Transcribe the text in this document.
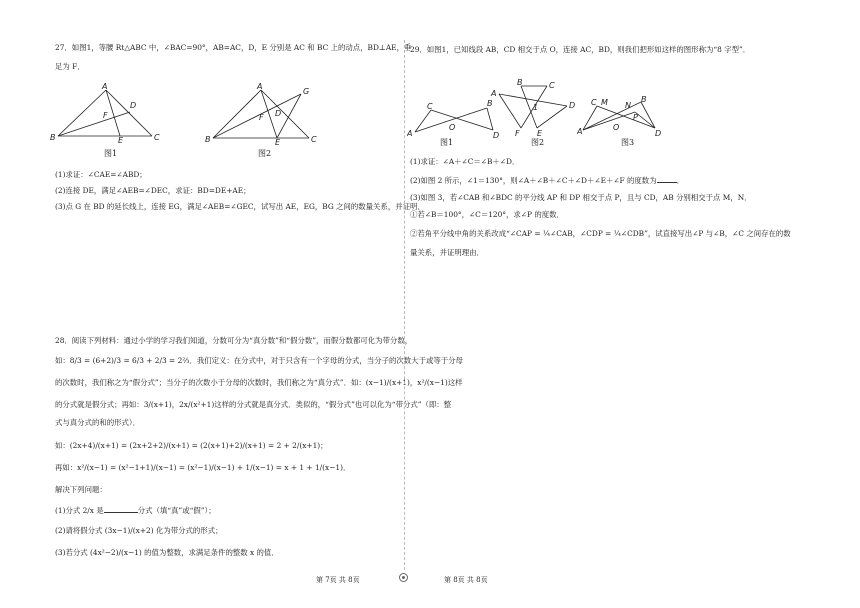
27．如图1，等腰 Rt△ABC 中，∠BAC=90°，AB=AC，D，E 分别是 AC 和 BC 上的动点，BD⊥AE，垂
足为 F．
A
B	C
D
E
F
图1
A
B	C
D
E
F
G
图2
(1)求证：∠CAE=∠ABD；
(2)连接 DE，满足∠AEB=∠DEC，求证：BD=DE+AE；
(3)点 G 在 BD 的延长线上，连接 EG，满足∠AEB=∠GEC，试写出 AE，EG，BG 之间的数量关系，并证明．
28．阅读下列材料：通过小学的学习我们知道，分数可分为“真分数”和“假分数”，而假分数都可化为带分数，
如：8/3 = (6+2)/3 = 6/3 + 2/3 = 2⅔．我们定义：在分式中，对于只含有一个字母的分式，当分子的次数大于或等于分母
的次数时，我们称之为“假分式”；当分子的次数小于分母的次数时，我们称之为“真分式”．如：(x−1)/(x+1)，x²/(x−1)这样
的分式就是假分式；再如：3/(x+1)，2x/(x²+1)这样的分式就是真分式．类似的，“假分式”也可以化为“带分式”（即：整
式与真分式的和的形式）．
如：(2x+4)/(x+1) = (2x+2+2)/(x+1) = (2(x+1)+2)/(x+1) = 2 + 2/(x+1)；
再如：x²/(x−1) = (x²−1+1)/(x−1) = (x²−1)/(x−1) + 1/(x−1) = x + 1 + 1/(x−1)．
解决下列问题：
(1)分式 2/x 是	分式（填“真”或“假”）；
(2)请将假分式 (3x−1)/(x+2) 化为带分式的形式；
(3)若分式 (4x²−2)/(x−1) 的值为整数，求满足条件的整数 x 的值．
29．如图1，已知线段 AB，CD 相交于点 O，连接 AC，BD，则我们把形如这样的图形称为“8 字型”．
C
A
B
D
O
图1
B	C
A
D
F E
1
图2
C M N
B
A	D
O
P
图3
(1)求证：∠A＋∠C＝∠B＋∠D．
(2)如图 2 所示，∠1＝130°，则∠A＋∠B＋∠C＋∠D＋∠E＋∠F 的度数为	．
(3)如图 3，若∠CAB 和∠BDC 的平分线 AP 和 DP 相交于点 P，且与 CD，AB 分别相交于点 M，N．
①若∠B＝100°，∠C＝120°，求∠P 的度数．
②若角平分线中角的关系改成“∠CAP = ¼∠CAB，∠CDP = ¼∠CDB”，试直接写出∠P 与∠B，∠C 之间存在的数
量关系，并证明理由．
第 7页 共 8页	第 8页 共 8页
